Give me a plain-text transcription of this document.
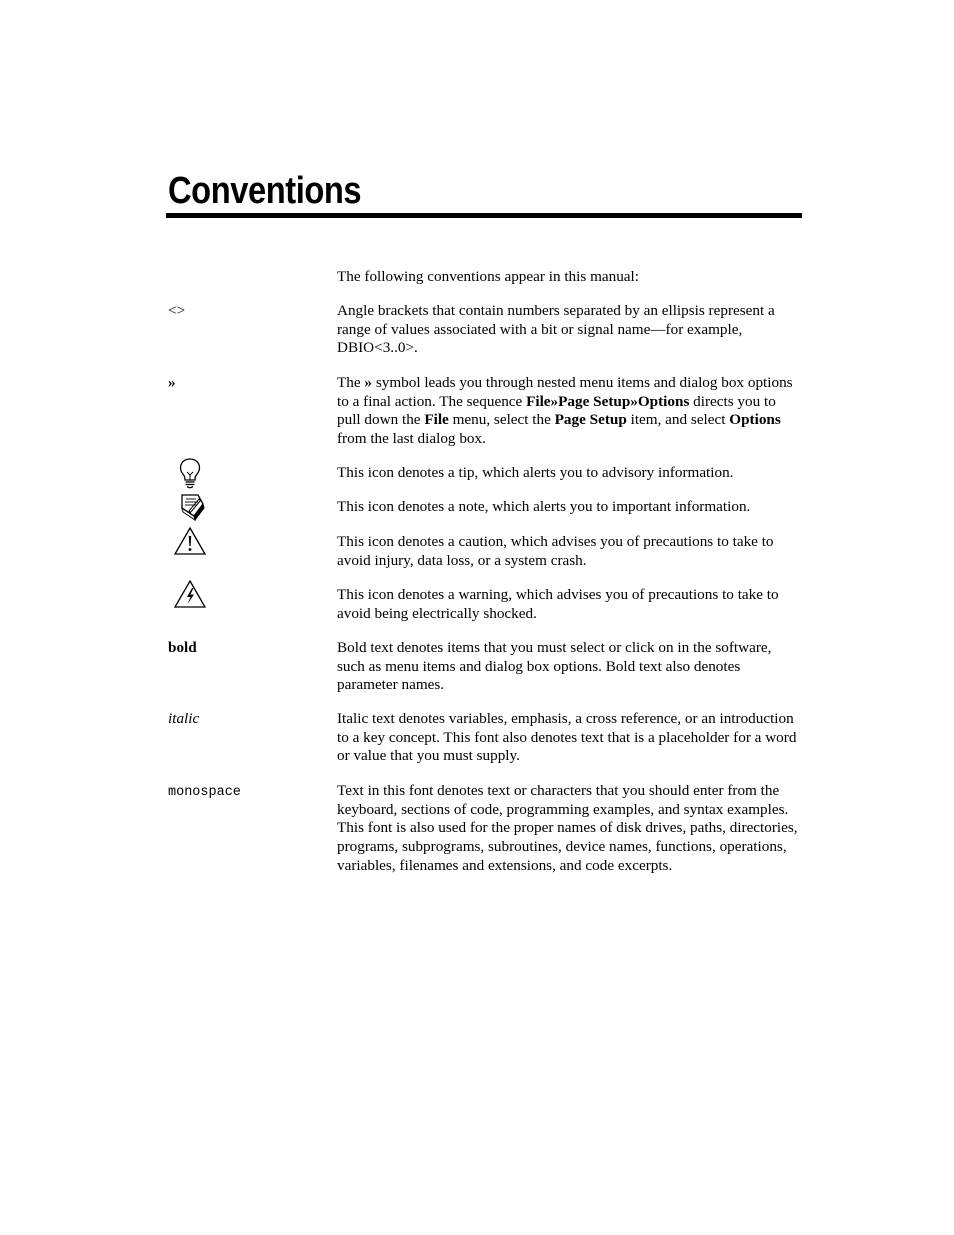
Conventions
The following conventions appear in this manual:
<>	Angle brackets that contain numbers separated by an ellipsis represent a range of values associated with a bit or signal name—for example, DBIO<3..0>.
»	The » symbol leads you through nested menu items and dialog box options to a final action. The sequence File»Page Setup»Options directs you to pull down the File menu, select the Page Setup item, and select Options from the last dialog box.
This icon denotes a tip, which alerts you to advisory information.
This icon denotes a note, which alerts you to important information.
This icon denotes a caution, which advises you of precautions to take to avoid injury, data loss, or a system crash.
This icon denotes a warning, which advises you of precautions to take to avoid being electrically shocked.
bold	Bold text denotes items that you must select or click on in the software, such as menu items and dialog box options. Bold text also denotes parameter names.
italic	Italic text denotes variables, emphasis, a cross reference, or an introduction to a key concept. This font also denotes text that is a placeholder for a word or value that you must supply.
monospace	Text in this font denotes text or characters that you should enter from the keyboard, sections of code, programming examples, and syntax examples. This font is also used for the proper names of disk drives, paths, directories, programs, subprograms, subroutines, device names, functions, operations, variables, filenames and extensions, and code excerpts.
